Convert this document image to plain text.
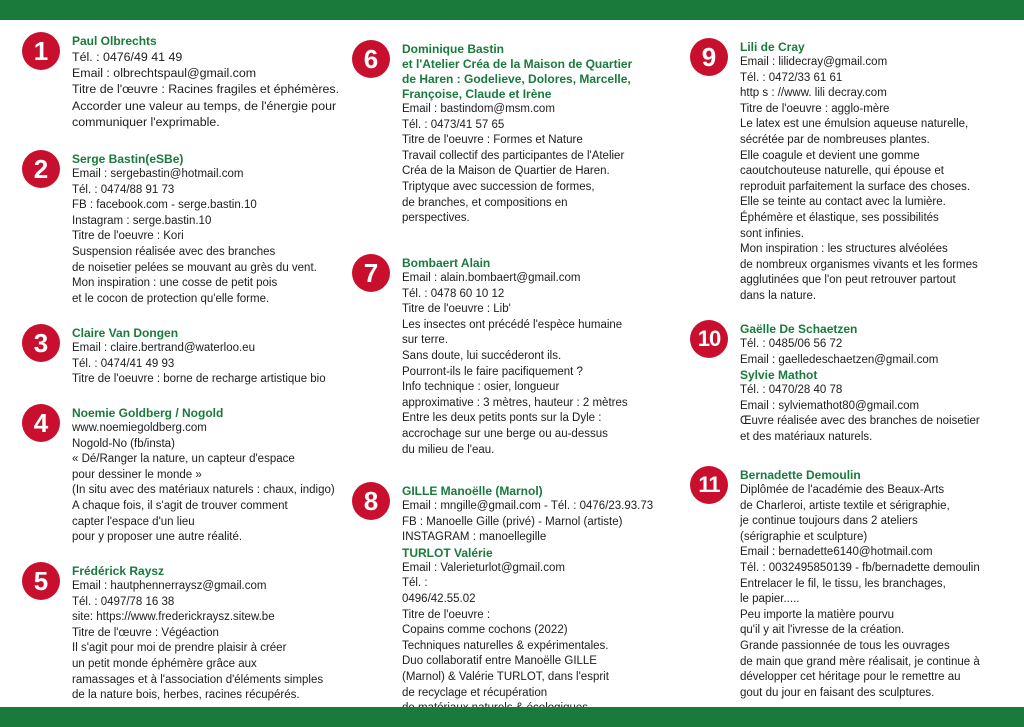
1	Paul Olbrechts

Tél. : 0476/49 41 49

Email : olbrechtspaul@gmail.com

Titre de l'œuvre : Racines fragiles et éphémères.

Accorder une valeur au temps, de l'énergie pour

communiquer l'exprimable.

2	Serge Bastin(eSBe)

Email : sergebastin@hotmail.com

Tél. : 0474/88 91 73

FB : facebook.com - serge.bastin.10

Instagram : serge.bastin.10

Titre de l'oeuvre : Kori

Suspension réalisée avec des branches

de noisetier pelées se mouvant au grès du vent.

Mon inspiration : une cosse de petit pois

et le cocon de protection qu'elle forme.

3	Claire Van Dongen

Email : claire.bertrand@waterloo.eu

Tél. : 0474/41 49 93

Titre de l'oeuvre : borne de recharge artistique bio

4	Noemie Goldberg / Nogold

www.noemiegoldberg.com

Nogold-No (fb/insta)

« Dé/Ranger la nature, un capteur d'espace

pour dessiner le monde »

(In situ avec des matériaux naturels : chaux, indigo)

A chaque fois, il s'agit de trouver comment

capter l'espace d'un lieu

pour y proposer une autre réalité.

5	Frédérick Raysz

Email : hautphennerraysz@gmail.com

Tél. : 0497/78 16 38

site: https://www.frederickraysz.sitew.be

Titre de l'œuvre : Végéaction

Il s'agit pour moi de prendre plaisir à créer

un petit monde éphémère grâce aux

ramassages et à l'association d'éléments simples

de la nature bois, herbes, racines récupérés.

6	Dominique Bastin

et l'Atelier Créa de la Maison de Quartier

de Haren : Godelieve, Dolores, Marcelle,

Françoise, Claude et Irène

Email : bastindom@msm.com

Tél. : 0473/41 57 65

Titre de l'oeuvre : Formes et Nature

Travail collectif des participantes de l'Atelier

Créa de la Maison de Quartier de Haren.

Triptyque avec succession de formes,

de branches, et compositions en

perspectives.

7	Bombaert Alain

Email : alain.bombaert@gmail.com

Tél. : 0478 60 10 12

Titre de l'oeuvre : Lib'

Les insectes ont précédé l'espèce humaine

sur terre.

Sans doute, lui succéderont ils.

Pourront-ils le faire pacifiquement ?

Info technique : osier, longueur

approximative : 3 mètres, hauteur : 2 mètres

Entre les deux petits ponts sur la Dyle :

accrochage sur une berge ou au-dessus

du milieu de l'eau.

8	GILLE Manoëlle (Marnol)

Email : mngille@gmail.com - Tél. : 0476/23.93.73

FB : Manoelle Gille (privé) - Marnol (artiste)

INSTAGRAM : manoellegille

TURLOT Valérie

Email : Valerieturlot@gmail.com

Tél. :

0496/42.55.02

Titre de l'oeuvre :

Copains comme cochons (2022)

Techniques naturelles & expérimentales.

Duo collaboratif entre Manoëlle GILLE

(Marnol) & Valérie TURLOT, dans l'esprit

de recyclage et récupération

9	Lili de Cray

Email : lilidecray@gmail.com

Tél. : 0472/33 61 61

http s : //www. lili decray.com

Titre de l'oeuvre : agglo-mère

Le latex est une émulsion aqueuse naturelle,

sécrétée par de nombreuses plantes.

Elle coagule et devient une gomme

caoutchouteuse naturelle, qui épouse et

reproduit parfaitement la surface des choses.

Elle se teinte au contact avec la lumière.

Éphémère et élastique, ses possibilités

sont infinies.

Mon inspiration : les structures alvéolées

de nombreux organismes vivants et les formes

agglutinées que l'on peut retrouver partout

dans la nature.

10	Gaëlle De Schaetzen

Tél. : 0485/06 56 72

Email : gaelledeschaetzen@gmail.com

Sylvie Mathot

Tél. : 0470/28 40 78

Email : sylviemathot80@gmail.com

Œuvre réalisée avec des branches de noisetier

et des matériaux naturels.

11	Bernadette Demoulin

Diplômée de l'académie des Beaux-Arts

de Charleroi, artiste textile et sérigraphie,

je continue toujours dans 2 ateliers

(sérigraphie et sculpture)

Email : bernadette6140@hotmail.com

Tél. : 0032495850139 - fb/bernadette demoulin

Entrelacer le fil, le tissu, les branchages,

le papier.....

Peu importe la matière pourvu

qu'il y ait l'ivresse de la création.

Grande passionnée de tous les ouvrages

de main que grand mère réalisait, je continue à

développer cet héritage pour le remettre au

gout du jour en faisant des sculptures.
